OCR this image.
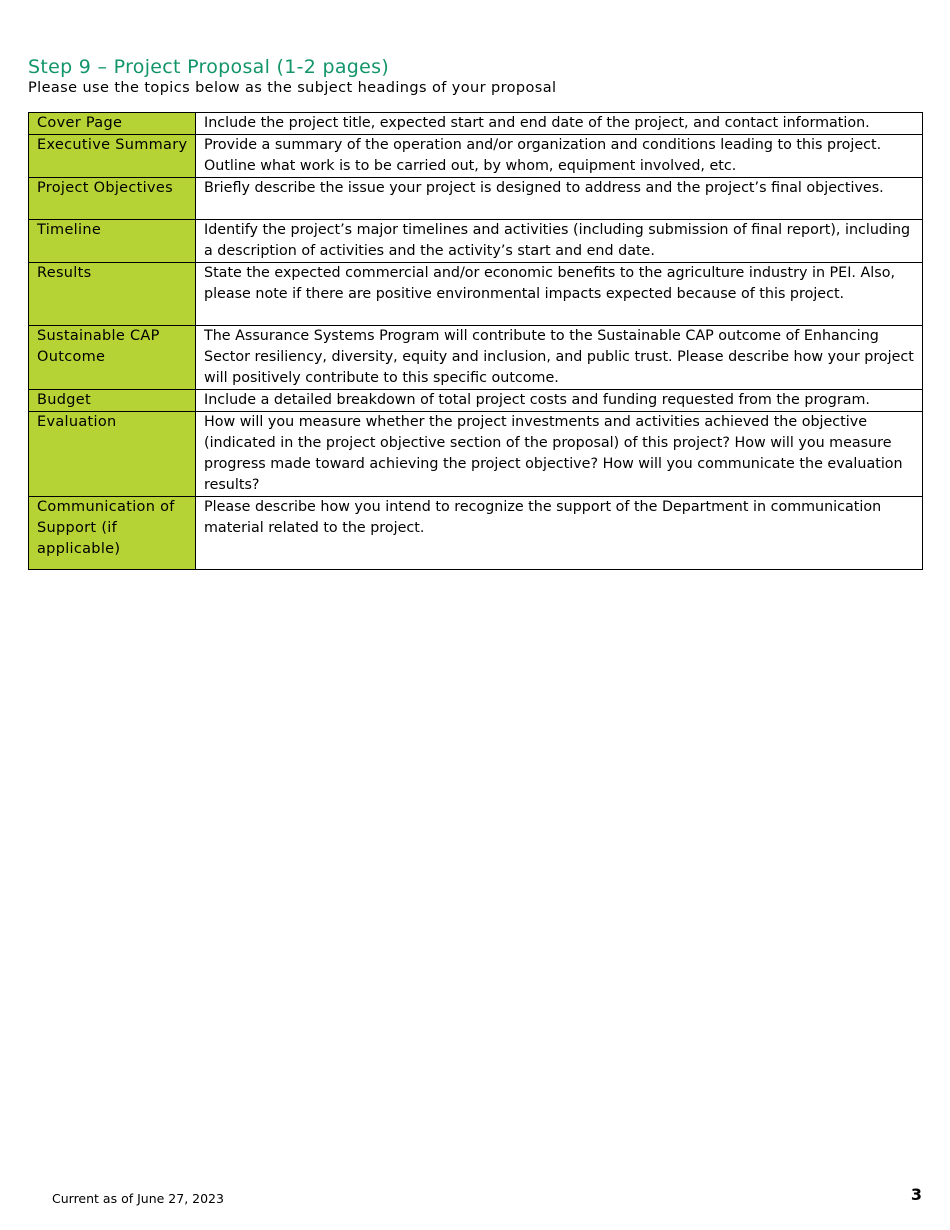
Step 9 – Project Proposal (1-2 pages)
Please use the topics below as the subject headings of your proposal
Cover Page	Include the project title, expected start and end date of the project, and contact information.
Executive Summary	Provide a summary of the operation and/or organization and conditions leading to this project. Outline what work is to be carried out, by whom, equipment involved, etc.
Project Objectives	Briefly describe the issue your project is designed to address and the project’s final objectives.
Timeline	Identify the project’s major timelines and activities (including submission of final report), including a description of activities and the activity’s start and end date.
Results	State the expected commercial and/or economic benefits to the agriculture industry in PEI. Also, please note if there are positive environmental impacts expected because of this project.
Sustainable CAP Outcome	The Assurance Systems Program will contribute to the Sustainable CAP outcome of Enhancing Sector resiliency, diversity, equity and inclusion, and public trust. Please describe how your project will positively contribute to this specific outcome.
Budget	Include a detailed breakdown of total project costs and funding requested from the program.
Evaluation	How will you measure whether the project investments and activities achieved the objective (indicated in the project objective section of the proposal) of this project? How will you measure progress made toward achieving the project objective? How will you communicate the evaluation results?
Communication of Support (if applicable)	Please describe how you intend to recognize the support of the Department in communication material related to the project.
Current as of June 27, 2023	3
